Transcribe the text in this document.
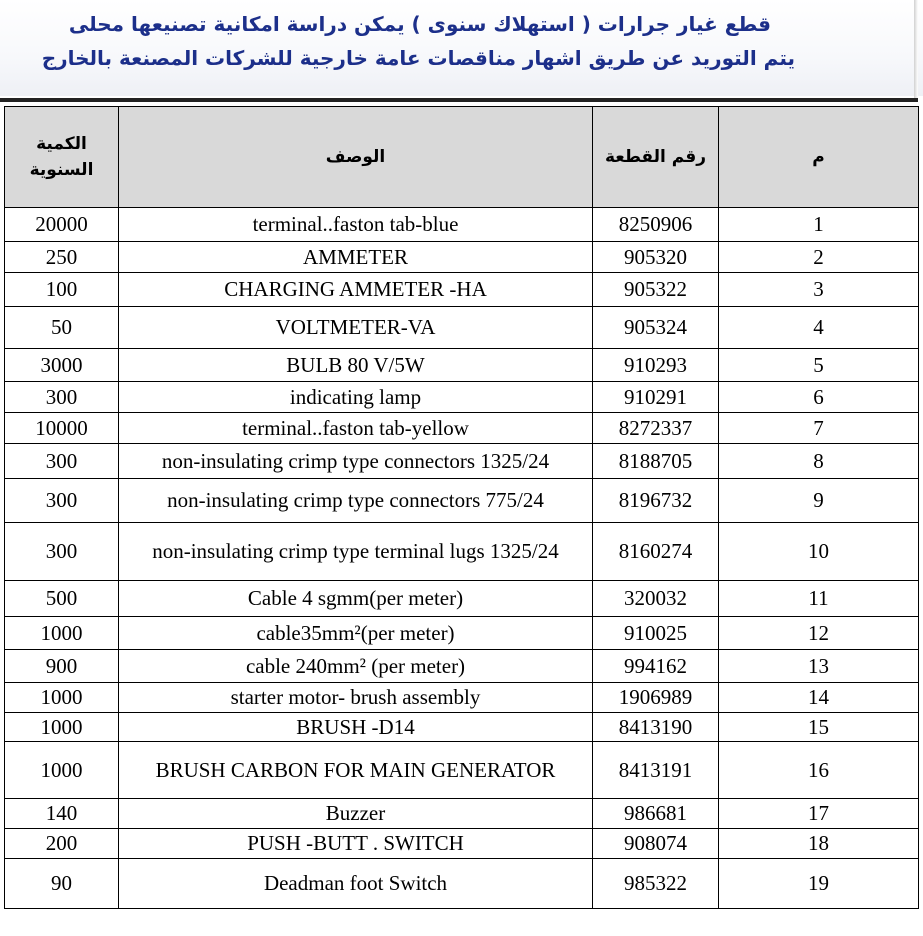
قطع غيار جرارات ( استهلاك سنوى ) يمكن دراسة امكانية تصنيعها محلى
يتم التوريد عن طريق اشهار مناقصات عامة خارجية للشركات المصنعة بالخارج
الكمية
السنوية	الوصف	رقم القطعة	م
20000	terminal..faston tab-blue	8250906	1
250	AMMETER	905320	2
100	CHARGING AMMETER -HA	905322	3
50	VOLTMETER-VA	905324	4
3000	BULB 80 V/5W	910293	5
300	indicating lamp	910291	6
10000	terminal..faston tab-yellow	8272337	7
300	non-insulating crimp type connectors 1325/24	8188705	8
300	non-insulating crimp type connectors 775/24	8196732	9
300	non-insulating crimp type terminal lugs 1325/24	8160274	10
500	Cable 4 sgmm(per meter)	320032	11
1000	cable35mm²(per meter)	910025	12
900	cable 240mm² (per meter)	994162	13
1000	starter motor- brush assembly	1906989	14
1000	BRUSH -D14	8413190	15
1000	BRUSH CARBON FOR MAIN GENERATOR	8413191	16
140	Buzzer	986681	17
200	PUSH -BUTT . SWITCH	908074	18
90	Deadman foot Switch	985322	19
